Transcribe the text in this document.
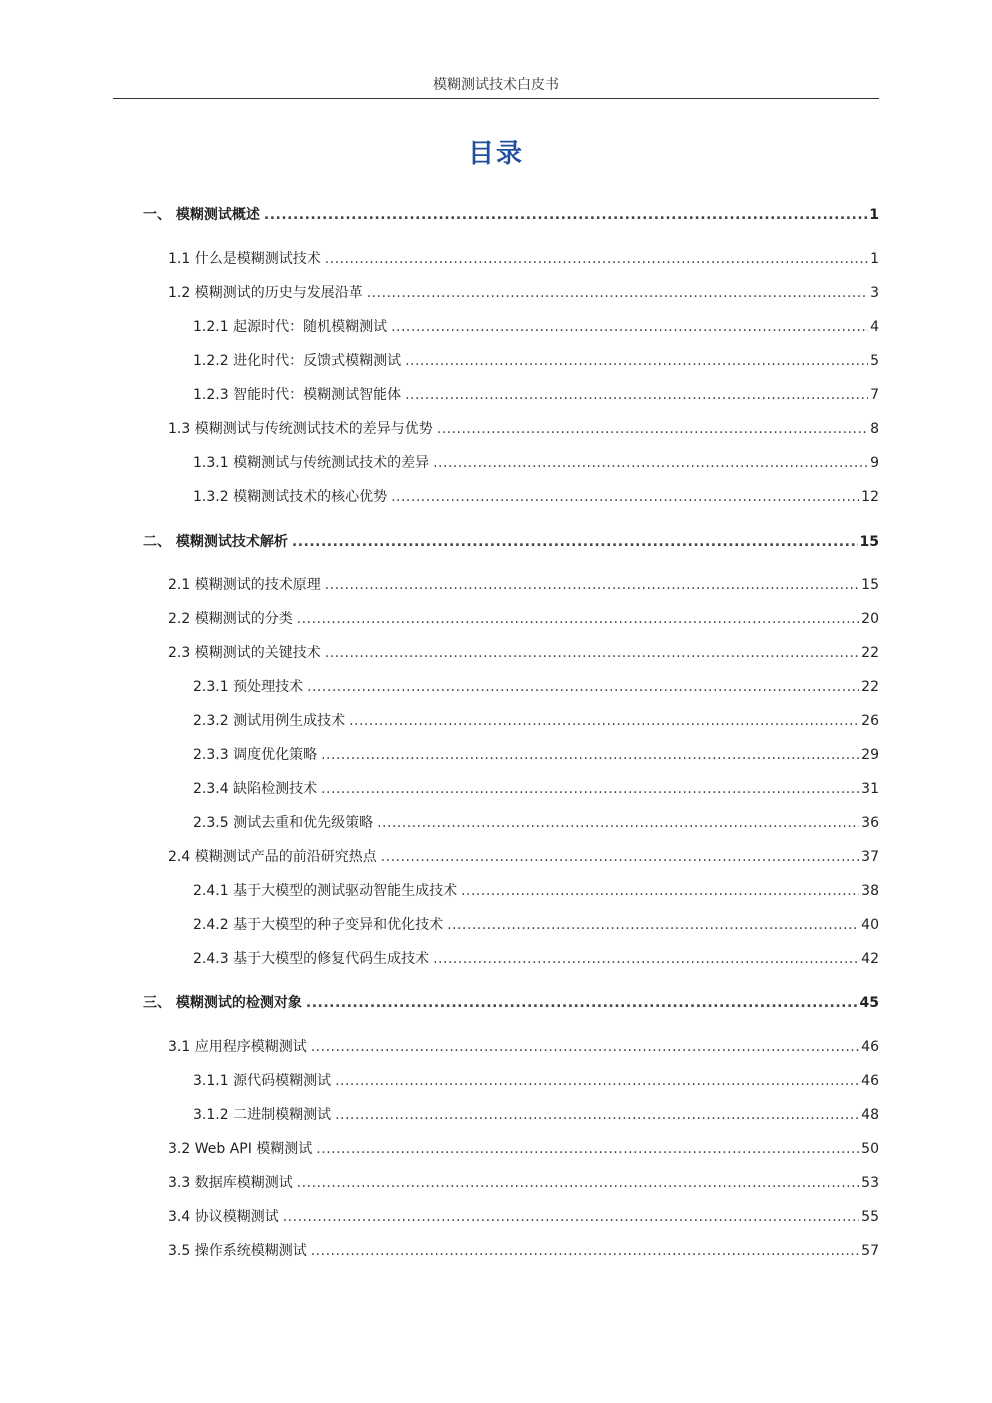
模糊测试技术白皮书
目录
一、 模糊测试概述 .....	1
1.1 什么是模糊测试技术 .....	1
1.2 模糊测试的历史与发展沿革 .....	3
1.2.1 起源时代：随机模糊测试 .....	4
1.2.2 进化时代：反馈式模糊测试 .....	5
1.2.3 智能时代：模糊测试智能体 .....	7
1.3 模糊测试与传统测试技术的差异与优势 .....	8
1.3.1 模糊测试与传统测试技术的差异 .....	9
1.3.2 模糊测试技术的核心优势 .....	12
二、 模糊测试技术解析 .....	15
2.1 模糊测试的技术原理 .....	15
2.2 模糊测试的分类 .....	20
2.3 模糊测试的关键技术 .....	22
2.3.1 预处理技术 .....	22
2.3.2 测试用例生成技术 .....	26
2.3.3 调度优化策略 .....	29
2.3.4 缺陷检测技术 .....	31
2.3.5 测试去重和优先级策略 .....	36
2.4 模糊测试产品的前沿研究热点 .....	37
2.4.1 基于大模型的测试驱动智能生成技术 .....	38
2.4.2 基于大模型的种子变异和优化技术 .....	40
2.4.3 基于大模型的修复代码生成技术 .....	42
三、 模糊测试的检测对象 .....	45
3.1 应用程序模糊测试 .....	46
3.1.1 源代码模糊测试 .....	46
3.1.2 二进制模糊测试 .....	48
3.2 Web API 模糊测试 .....	50
3.3 数据库模糊测试 .....	53
3.4 协议模糊测试 .....	55
3.5 操作系统模糊测试 .....	57
